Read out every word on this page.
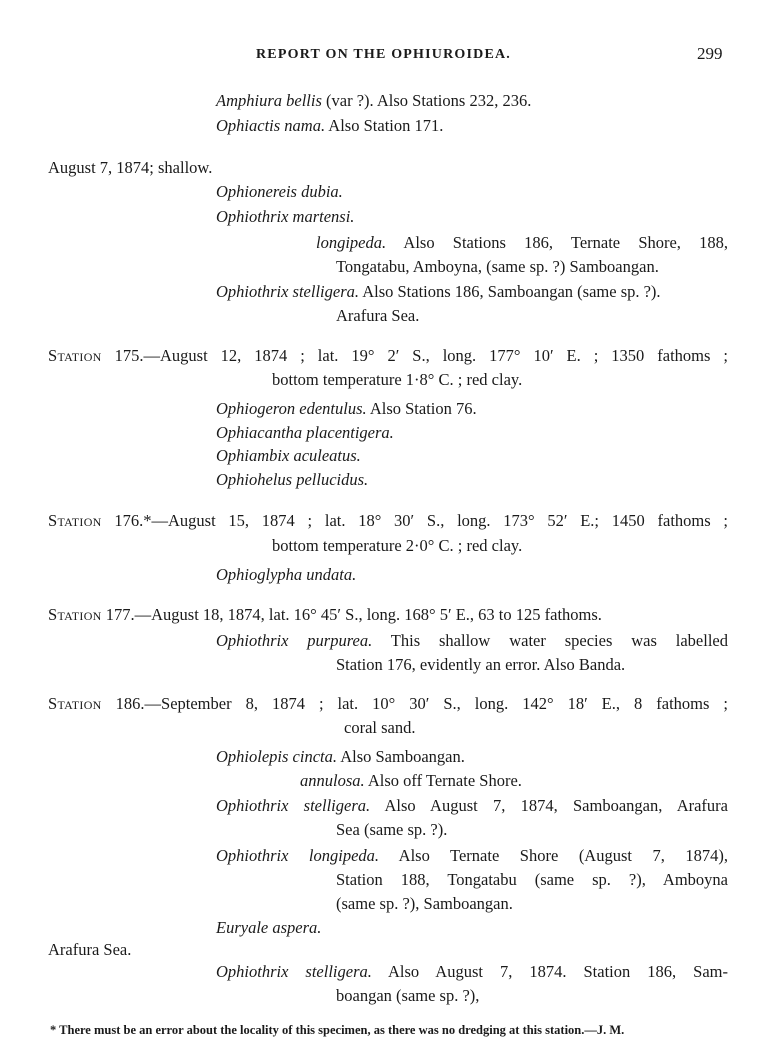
REPORT ON THE OPHIUROIDEA.	299
Amphiura bellis (var ?). Also Stations 232, 236.
Ophiactis nama. Also Station 171.
August 7, 1874; shallow.
Ophionereis dubia.
Ophiothrix martensi.
longipeda. Also Stations 186, Ternate Shore, 188,
Tongatabu, Amboyna, (same sp. ?) Samboangan.
Ophiothrix stelligera. Also Stations 186, Samboangan (same sp. ?).
Arafura Sea.
Station 175.—August 12, 1874 ; lat. 19° 2′ S., long. 177° 10′ E. ; 1350 fathoms ;
bottom temperature 1·8° C. ; red clay.
Ophiogeron edentulus. Also Station 76.
Ophiacantha placentigera.
Ophiambix aculeatus.
Ophiohelus pellucidus.
Station 176.*—August 15, 1874 ; lat. 18° 30′ S., long. 173° 52′ E.; 1450 fathoms ;
bottom temperature 2·0° C. ; red clay.
Ophioglypha undata.
Station 177.—August 18, 1874, lat. 16° 45′ S., long. 168° 5′ E., 63 to 125 fathoms.
Ophiothrix purpurea. This shallow water species was labelled
Station 176, evidently an error. Also Banda.
Station 186.—September 8, 1874 ; lat. 10° 30′ S., long. 142° 18′ E., 8 fathoms ;
coral sand.
Ophiolepis cincta. Also Samboangan.
annulosa. Also off Ternate Shore.
Ophiothrix stelligera. Also August 7, 1874, Samboangan, Arafura
Sea (same sp. ?).
Ophiothrix longipeda. Also Ternate Shore (August 7, 1874),
Station 188, Tongatabu (same sp. ?), Amboyna
(same sp. ?), Samboangan.
Euryale aspera.
Arafura Sea.
Ophiothrix stelligera. Also August 7, 1874. Station 186, Sam-
boangan (same sp. ?),
* There must be an error about the locality of this specimen, as there was no dredging at this station.—J. M.
